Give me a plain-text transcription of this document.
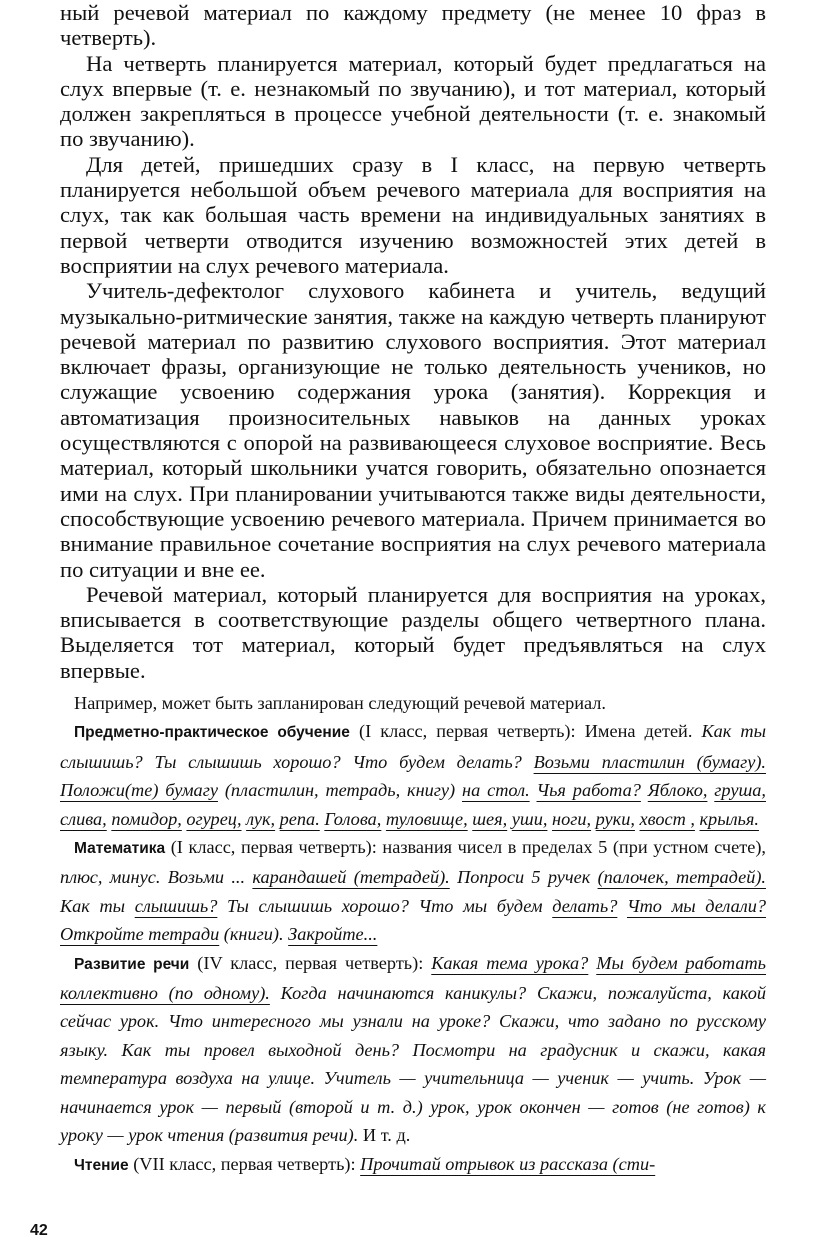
ный речевой материал по каждому предмету (не менее 10 фраз в четверть).

На четверть планируется материал, который будет предлагаться на слух впервые (т. е. незнакомый по звучанию), и тот материал, который должен закрепляться в процессе учебной деятельности (т. е. знакомый по звучанию).

Для детей, пришедших сразу в I класс, на первую четверть планируется небольшой объем речевого материала для восприятия на слух, так как большая часть времени на индивидуальных занятиях в первой четверти отводится изучению возможностей этих детей в восприятии на слух речевого материала.

Учитель-дефектолог слухового кабинета и учитель, ведущий музыкально-ритмические занятия, также на каждую четверть планируют речевой материал по развитию слухового восприятия. Этот материал включает фразы, организующие не только деятельность учеников, но служащие усвоению содержания урока (занятия). Коррекция и автоматизация произносительных навыков на данных уроках осуществляются с опорой на развивающееся слуховое восприятие. Весь материал, который школьники учатся говорить, обязательно опознается ими на слух. При планировании учитываются также виды деятельности, способствующие усвоению речевого материала. Причем принимается во внимание правильное сочетание восприятия на слух речевого материала по ситуации и вне ее.

Речевой материал, который планируется для восприятия на уроках, вписывается в соответствующие разделы общего четвертного плана. Выделяется тот материал, который будет предъявляться на слух впервые.

Например, может быть запланирован следующий речевой материал.

Предметно-практическое обучение (I класс, первая четверть): Имена детей. Как ты слышишь? Ты слышишь хорошо? Что будем делать? Возьми пластилин (бумагу). Положи(те) бумагу (пластилин, тетрадь, книгу) на стол. Чья работа? Яблоко, груша, слива, помидор, огурец, лук, репа. Голова, туловище, шея, уши, ноги, руки, хвост , крылья.

Математика (I класс, первая четверть): названия чисел в пределах 5 (при устном счете), плюс, минус. Возьми ... карандашей (тетрадей). Попроси 5 ручек (палочек, тетрадей). Как ты слышишь? Ты слышишь хорошо? Что мы будем делать? Что мы делали? Откройте тетради (книги). Закройте...

Развитие речи (IV класс, первая четверть): Какая тема урока? Мы будем работать коллективно (по одному). Когда начинаются каникулы? Скажи, пожалуйста, какой сейчас урок. Что интересного мы узнали на уроке? Скажи, что задано по русскому языку. Как ты провел выходной день? Посмотри на градусник и скажи, какая температура воздуха на улице. Учитель — учительница — ученик — учить. Урок — начинается урок — первый (второй и т. д.) урок, урок окончен — готов (не готов) к уроку — урок чтения (развития речи). И т. д.

Чтение (VII класс, первая четверть): Прочитай отрывок из рассказа (сти-

42
